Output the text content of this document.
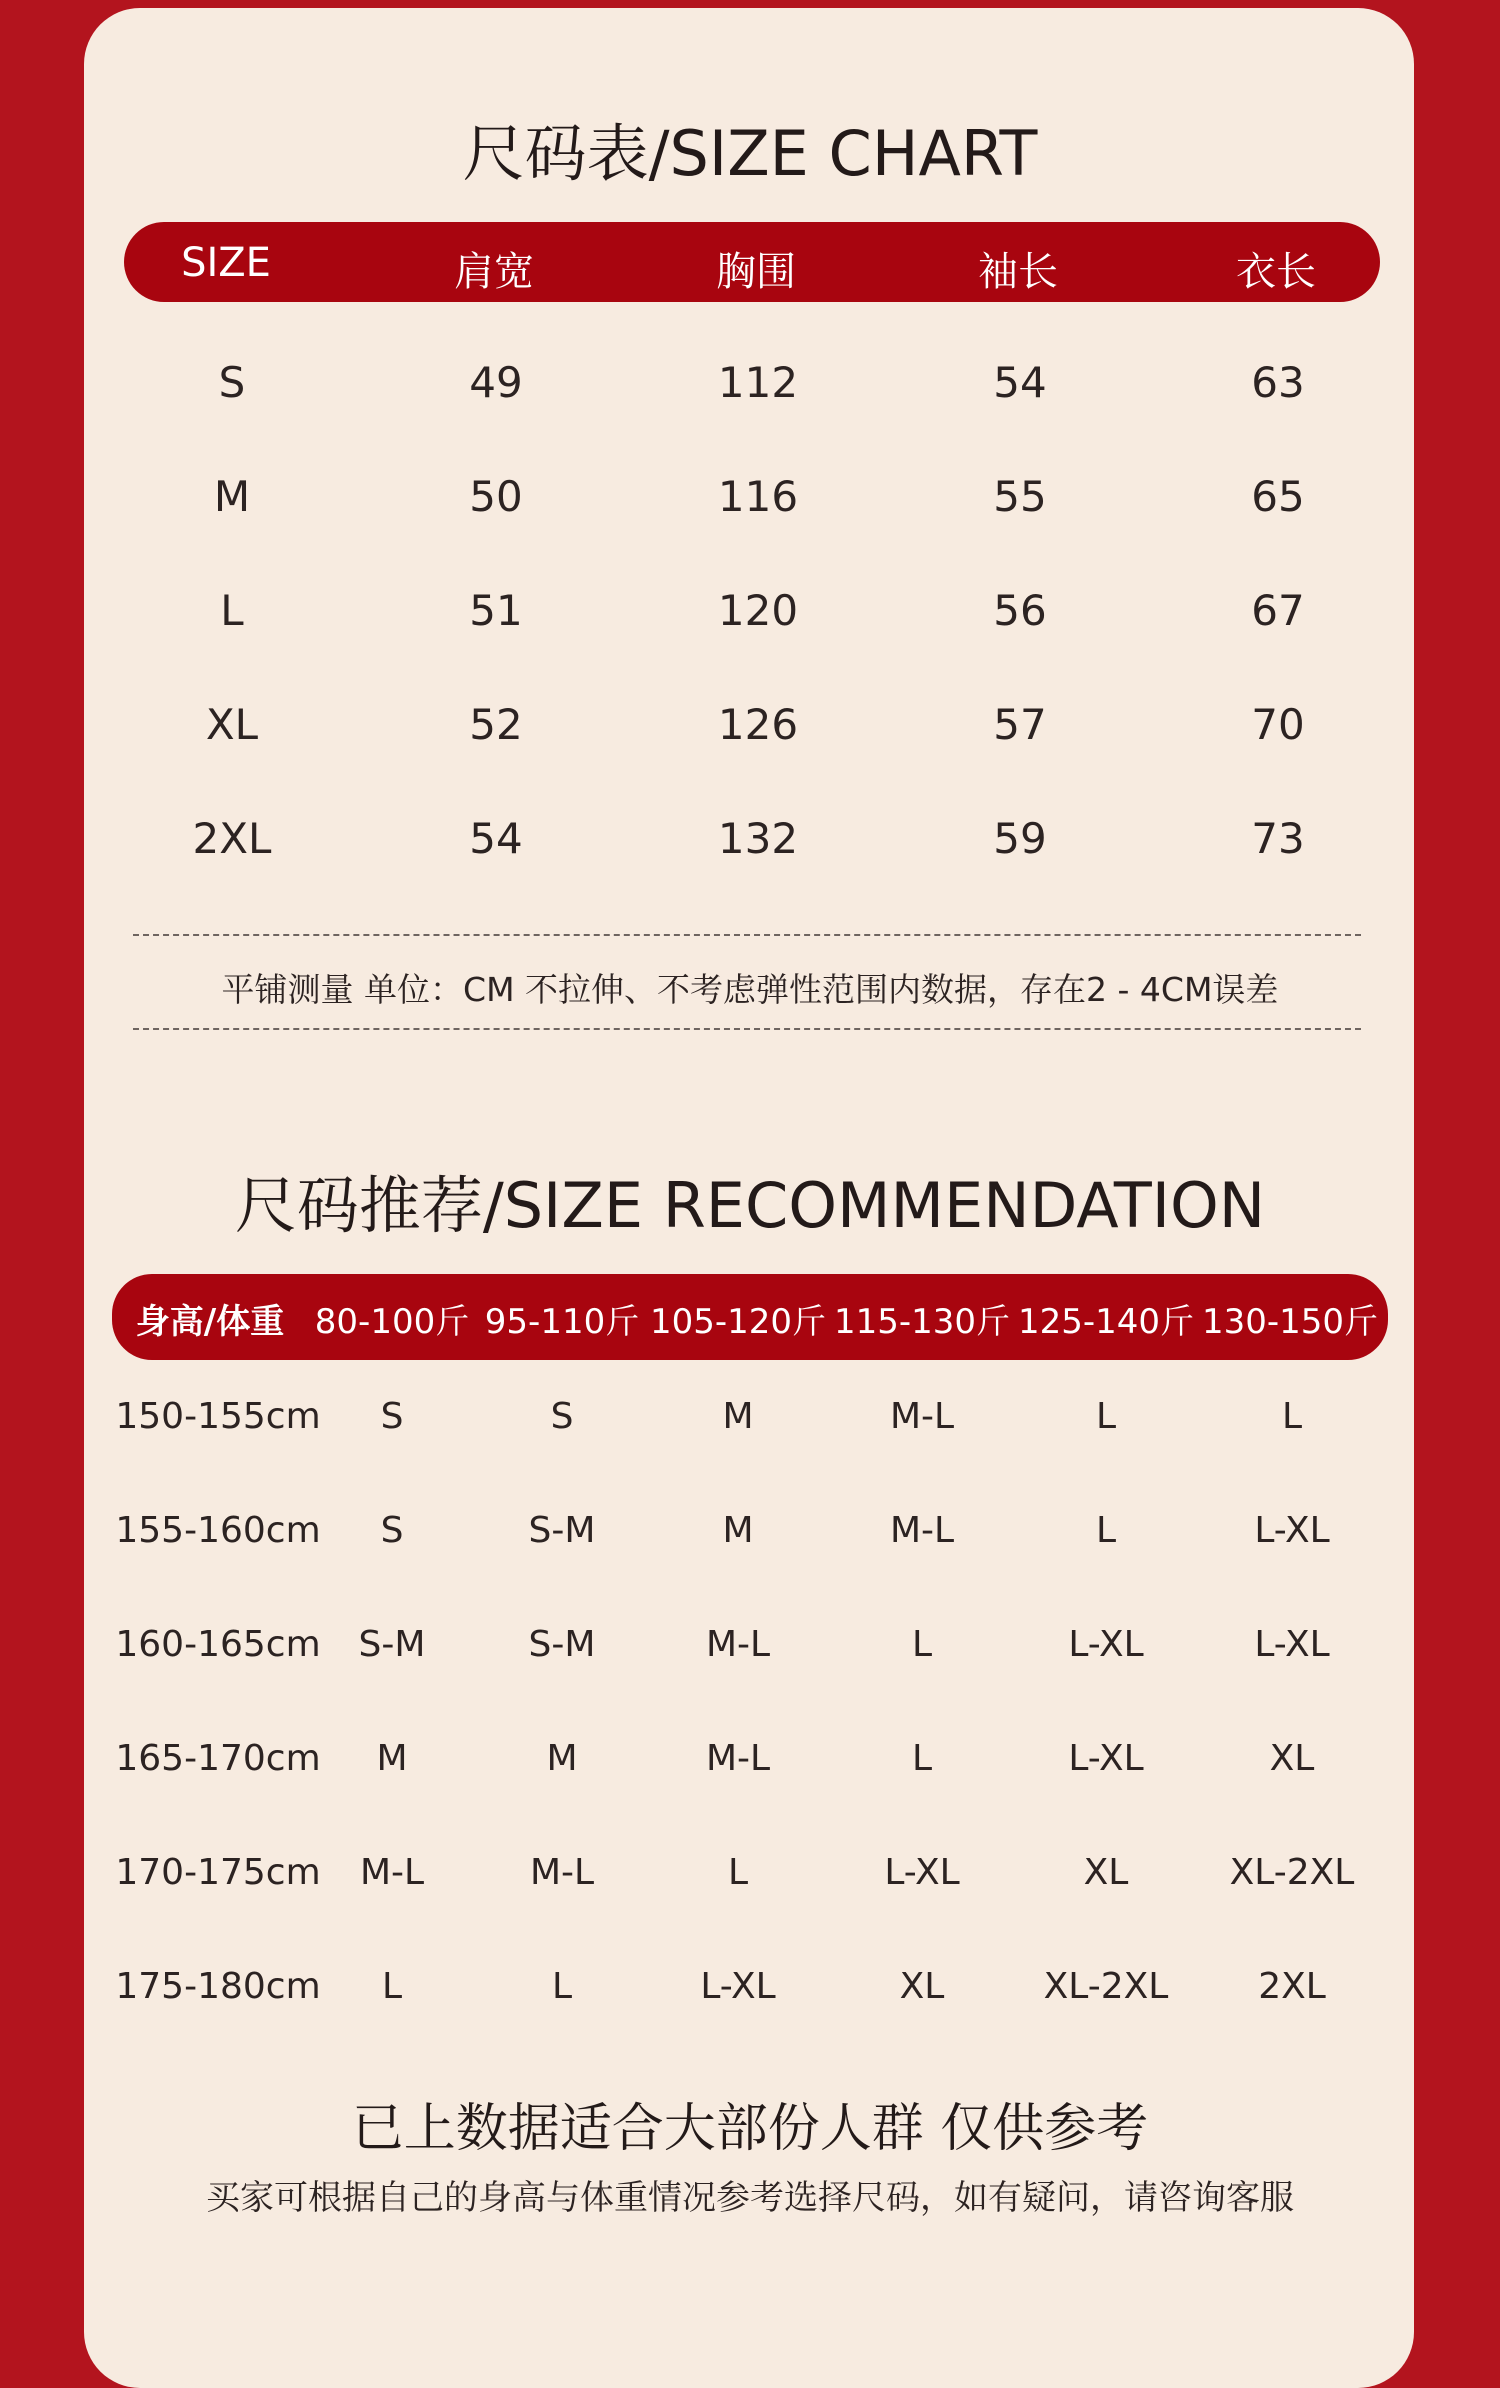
尺码表/SIZE CHART
SIZE	肩宽	胸围	袖长	衣长
S	49	112	54	63
M	50	116	55	65
L	51	120	56	67
XL	52	126	57	70
2XL	54	132	59	73
平铺测量 单位：CM 不拉伸、不考虑弹性范围内数据，存在2 - 4CM误差
尺码推荐/SIZE RECOMMENDATION
身高/体重 80-100斤 95-110斤 105-120斤 115-130斤 125-140斤 130-150斤
150-155cm S	S	M	M-L	L	L
155-160cm S	S-M	M	M-L	L	L-XL
160-165cm S-M	S-M	M-L	L	L-XL	L-XL
165-170cm M	M	M-L	L	L-XL	XL
170-175cm M-L	M-L	L	L-XL	XL	XL-2XL
175-180cm L	L	L-XL	XL	XL-2XL 2XL
已上数据适合大部份人群 仅供参考
买家可根据自己的身高与体重情况参考选择尺码，如有疑问，请咨询客服
